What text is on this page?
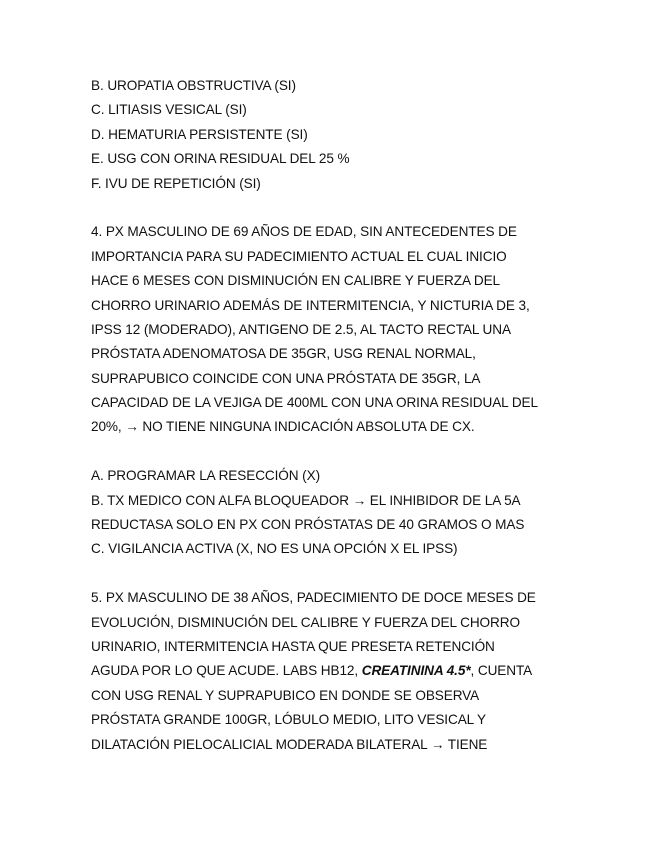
B. UROPATIA OBSTRUCTIVA (SI)
C. LITIASIS VESICAL (SI)
D. HEMATURIA PERSISTENTE (SI)
E. USG CON ORINA RESIDUAL DEL 25 %
F. IVU DE REPETICIÓN (SI)
4. PX MASCULINO DE 69 AÑOS DE EDAD, SIN ANTECEDENTES DE
IMPORTANCIA PARA SU PADECIMIENTO ACTUAL EL CUAL INICIO
HACE 6 MESES CON DISMINUCIÓN EN CALIBRE Y FUERZA DEL
CHORRO URINARIO ADEMÁS DE INTERMITENCIA, Y NICTURIA DE 3,
IPSS 12 (MODERADO), ANTIGENO DE 2.5, AL TACTO RECTAL UNA
PRÓSTATA ADENOMATOSA DE 35GR, USG RENAL NORMAL,
SUPRAPUBICO COINCIDE CON UNA PRÓSTATA DE 35GR, LA
CAPACIDAD DE LA VEJIGA DE 400ML CON UNA ORINA RESIDUAL DEL
20%, → NO TIENE NINGUNA INDICACIÓN ABSOLUTA DE CX.
A. PROGRAMAR LA RESECCIÓN (X)
B. TX MEDICO CON ALFA BLOQUEADOR → EL INHIBIDOR DE LA 5A
REDUCTASA SOLO EN PX CON PRÓSTATAS DE 40 GRAMOS O MAS
C. VIGILANCIA ACTIVA (X, NO ES UNA OPCIÓN X EL IPSS)
5. PX MASCULINO DE 38 AÑOS, PADECIMIENTO DE DOCE MESES DE
EVOLUCIÓN, DISMINUCIÓN DEL CALIBRE Y FUERZA DEL CHORRO
URINARIO, INTERMITENCIA HASTA QUE PRESETA RETENCIÓN
AGUDA POR LO QUE ACUDE. LABS HB12, CREATININA 4.5*, CUENTA
CON USG RENAL Y SUPRAPUBICO EN DONDE SE OBSERVA
PRÓSTATA GRANDE 100GR, LÓBULO MEDIO, LITO VESICAL Y
DILATACIÓN PIELOCALICIAL MODERADA BILATERAL → TIENE
